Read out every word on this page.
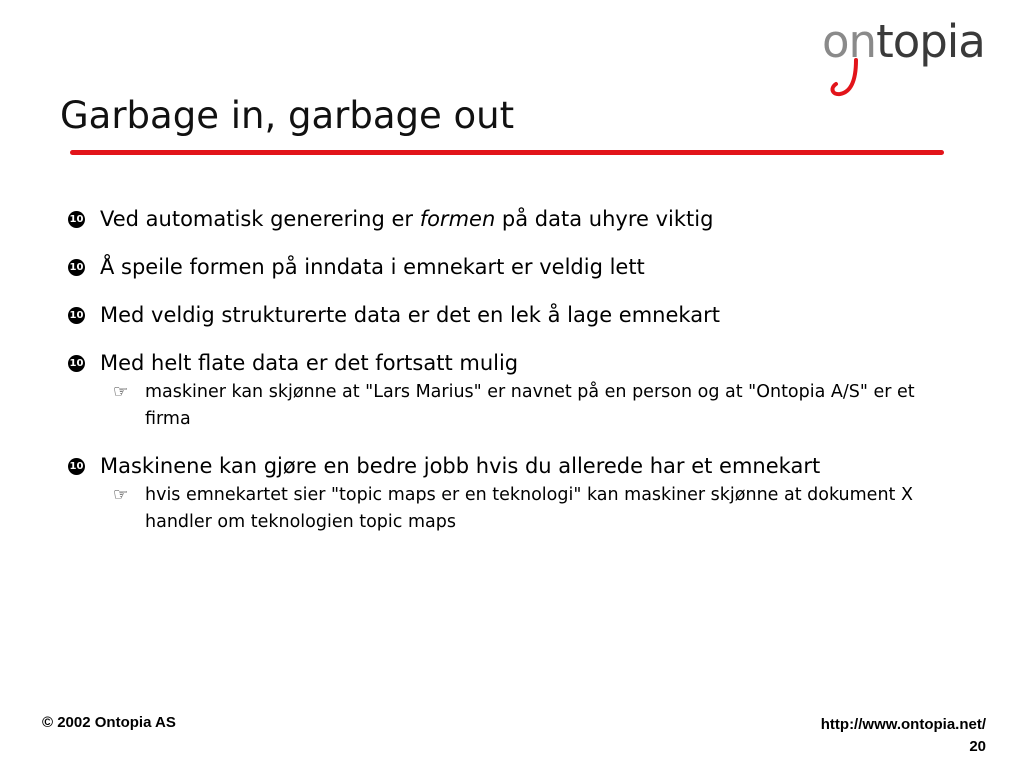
ontopia
Garbage in, garbage out
10 Ved automatisk generering er formen på data uhyre viktig
10 Å speile formen på inndata i emnekart er veldig lett
10 Med veldig strukturerte data er det en lek å lage emnekart
10 Med helt flate data er det fortsatt mulig
☞ maskiner kan skjønne at "Lars Marius" er navnet på en person og at "Ontopia A/S" er et firma
10 Maskinene kan gjøre en bedre jobb hvis du allerede har et emnekart
☞ hvis emnekartet sier "topic maps er en teknologi" kan maskiner skjønne at dokument X handler om teknologien topic maps
© 2002 Ontopia AS	http://www.ontopia.net/
20
